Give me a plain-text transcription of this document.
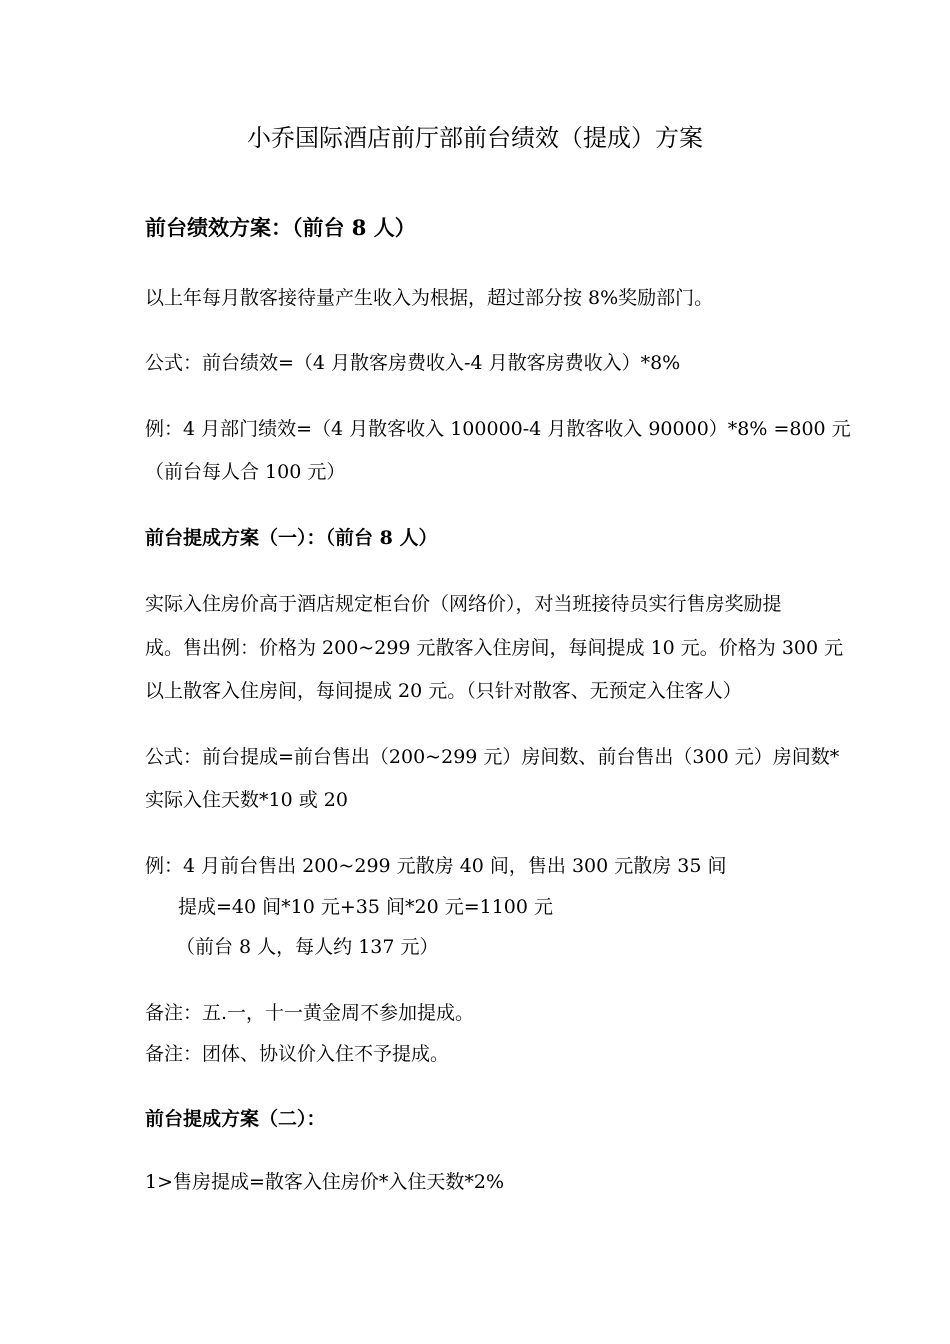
小乔国际酒店前厅部前台绩效（提成）方案
前台绩效方案：（前台 8 人）
以上年每月散客接待量产生收入为根据，超过部分按 8%奖励部门。
公式：前台绩效=（4 月散客房费收入-4 月散客房费收入）*8%
例：4 月部门绩效=（4 月散客收入 100000-4 月散客收入 90000）*8% =800 元
（前台每人合 100 元）
前台提成方案（一）：（前台 8 人）
实际入住房价高于酒店规定柜台价（网络价），对当班接待员实行售房奖励提
成。售出例：价格为 200~299 元散客入住房间，每间提成 10 元。价格为 300 元
以上散客入住房间，每间提成 20 元。（只针对散客、无预定入住客人）
公式：前台提成=前台售出（200~299 元）房间数、前台售出（300 元）房间数*
实际入住天数*10 或 20
例：4 月前台售出 200~299 元散房 40 间，售出 300 元散房 35 间
提成=40 间*10 元+35 间*20 元=1100 元
（前台 8 人，每人约 137 元）
备注：五.一，十一黄金周不参加提成。
备注：团体、协议价入住不予提成。
前台提成方案（二）：
1>售房提成=散客入住房价*入住天数*2%
